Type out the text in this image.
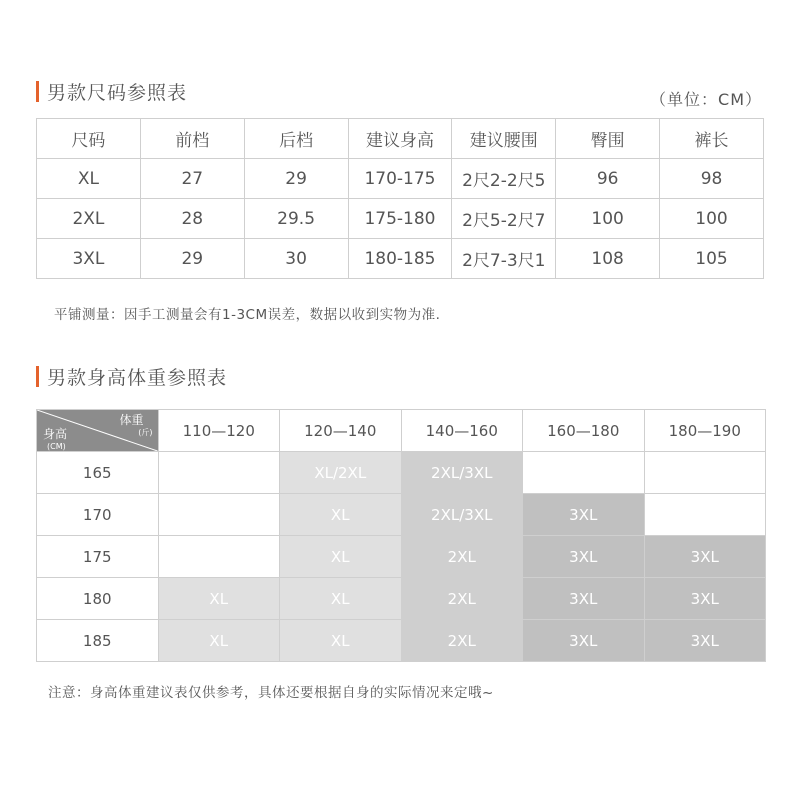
男款尺码参照表	（单位：CM）
尺码	前档	后档	建议身高	建议腰围	臀围	裤长
XL	27	29	170-175	2尺2-2尺5	96	98
2XL	28	29.5	175-180	2尺5-2尺7	100	100
3XL	29	30	180-185	2尺7-3尺1	108	105
平铺测量：因手工测量会有1-3CM误差，数据以收到实物为准.
男款身高体重参照表
体重
(斤)
身高
(CM)	110—120	120—140	140—160	160—180	180—190
165		XL/2XL	2XL/3XL		
170		XL	2XL/3XL	3XL	
175		XL	2XL	3XL	3XL
180	XL	XL	2XL	3XL	3XL
185	XL	XL	2XL	3XL	3XL
注意：身高体重建议表仅供参考，具体还要根据自身的实际情况来定哦~
